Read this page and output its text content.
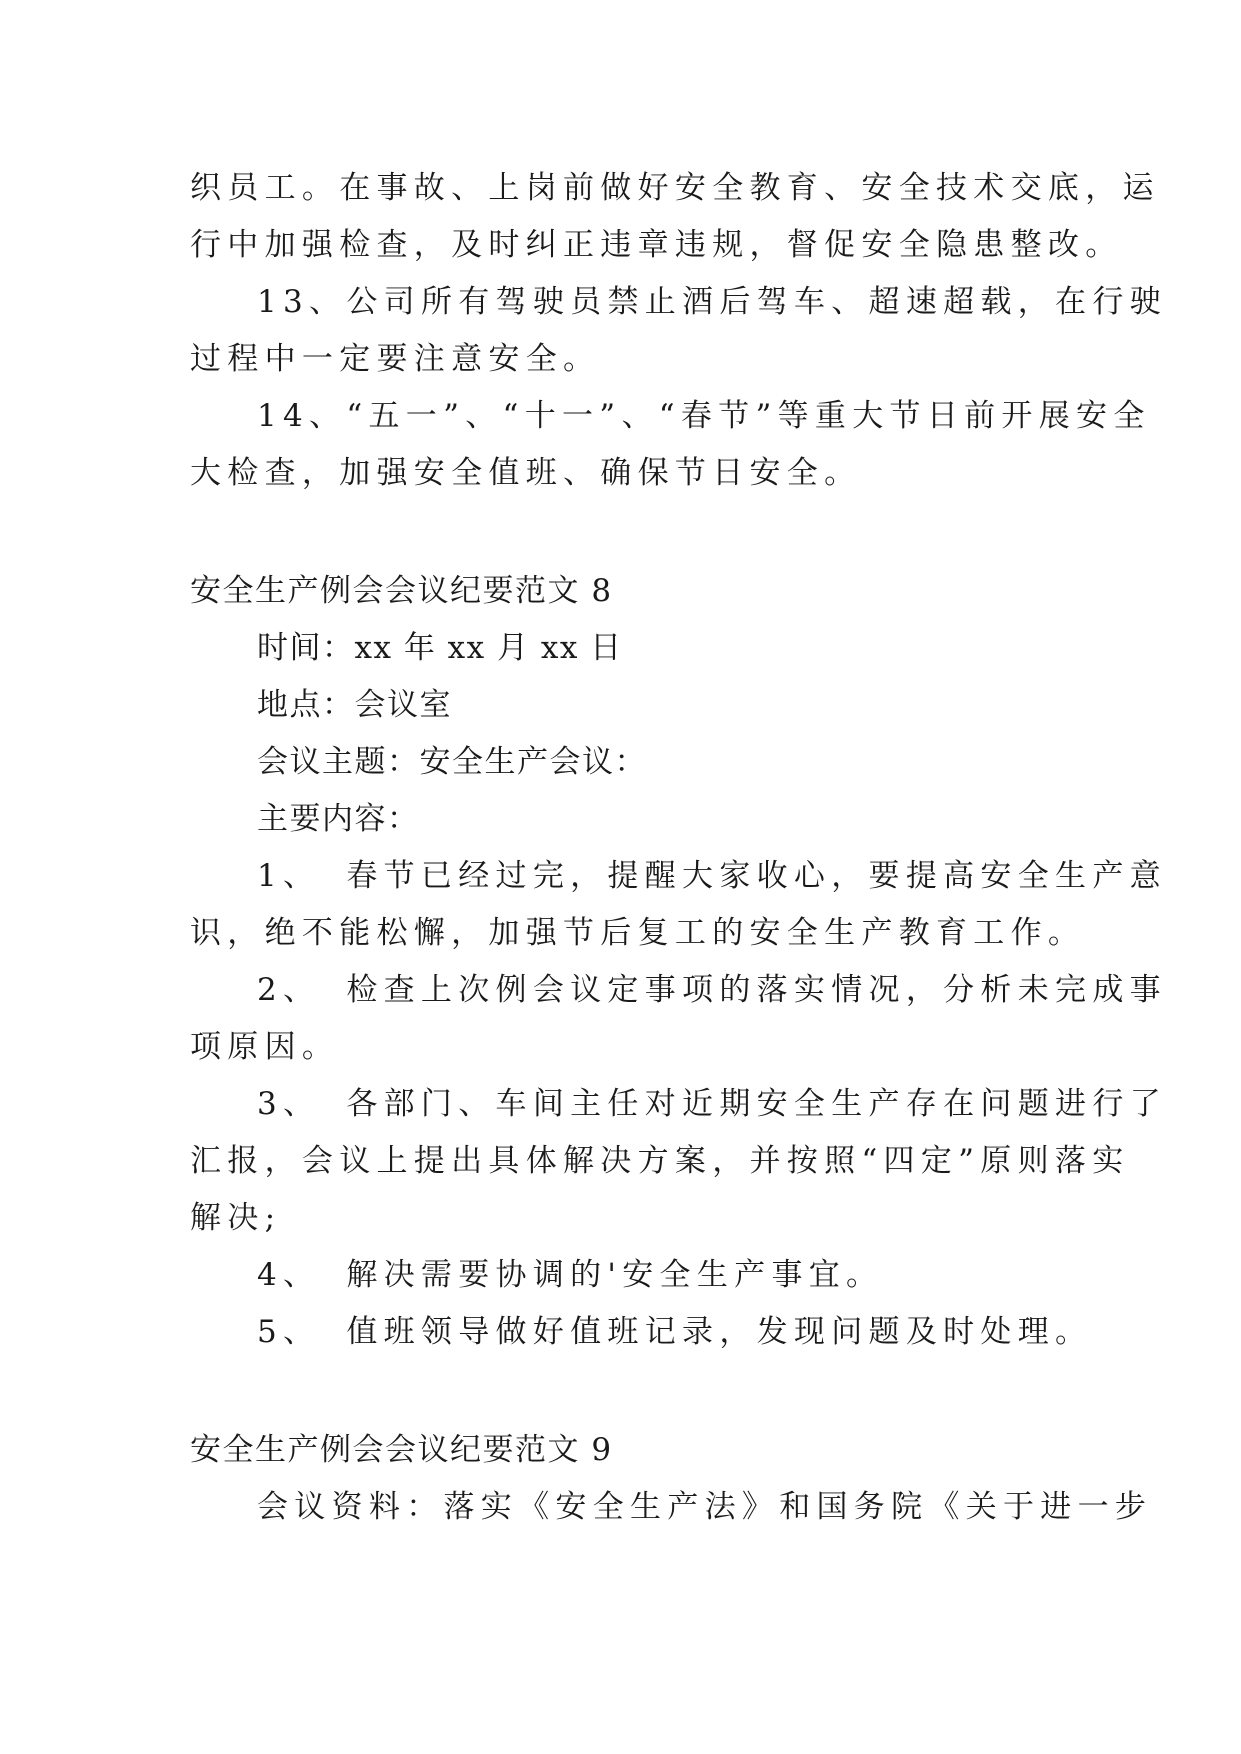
织员工。在事故、上岗前做好安全教育、安全技术交底，运
行中加强检查，及时纠正违章违规，督促安全隐患整改。
13、公司所有驾驶员禁止酒后驾车、超速超载，在行驶
过程中一定要注意安全。
14、“五一”、“十一”、“春节”等重大节日前开展安全
大检查，加强安全值班、确保节日安全。
安全生产例会会议纪要范文 8
时间：xx 年 xx 月 xx 日
地点：会议室
会议主题：安全生产会议：
主要内容：
1、 春节已经过完，提醒大家收心，要提高安全生产意
识，绝不能松懈，加强节后复工的安全生产教育工作。
2、 检查上次例会议定事项的落实情况，分析未完成事
项原因。
3、 各部门、车间主任对近期安全生产存在问题进行了
汇报，会议上提出具体解决方案，并按照“四定”原则落实
解决;
4、 解决需要协调的'安全生产事宜。
5、 值班领导做好值班记录，发现问题及时处理。
安全生产例会会议纪要范文 9
会议资料：落实《安全生产法》和国务院《关于进一步
